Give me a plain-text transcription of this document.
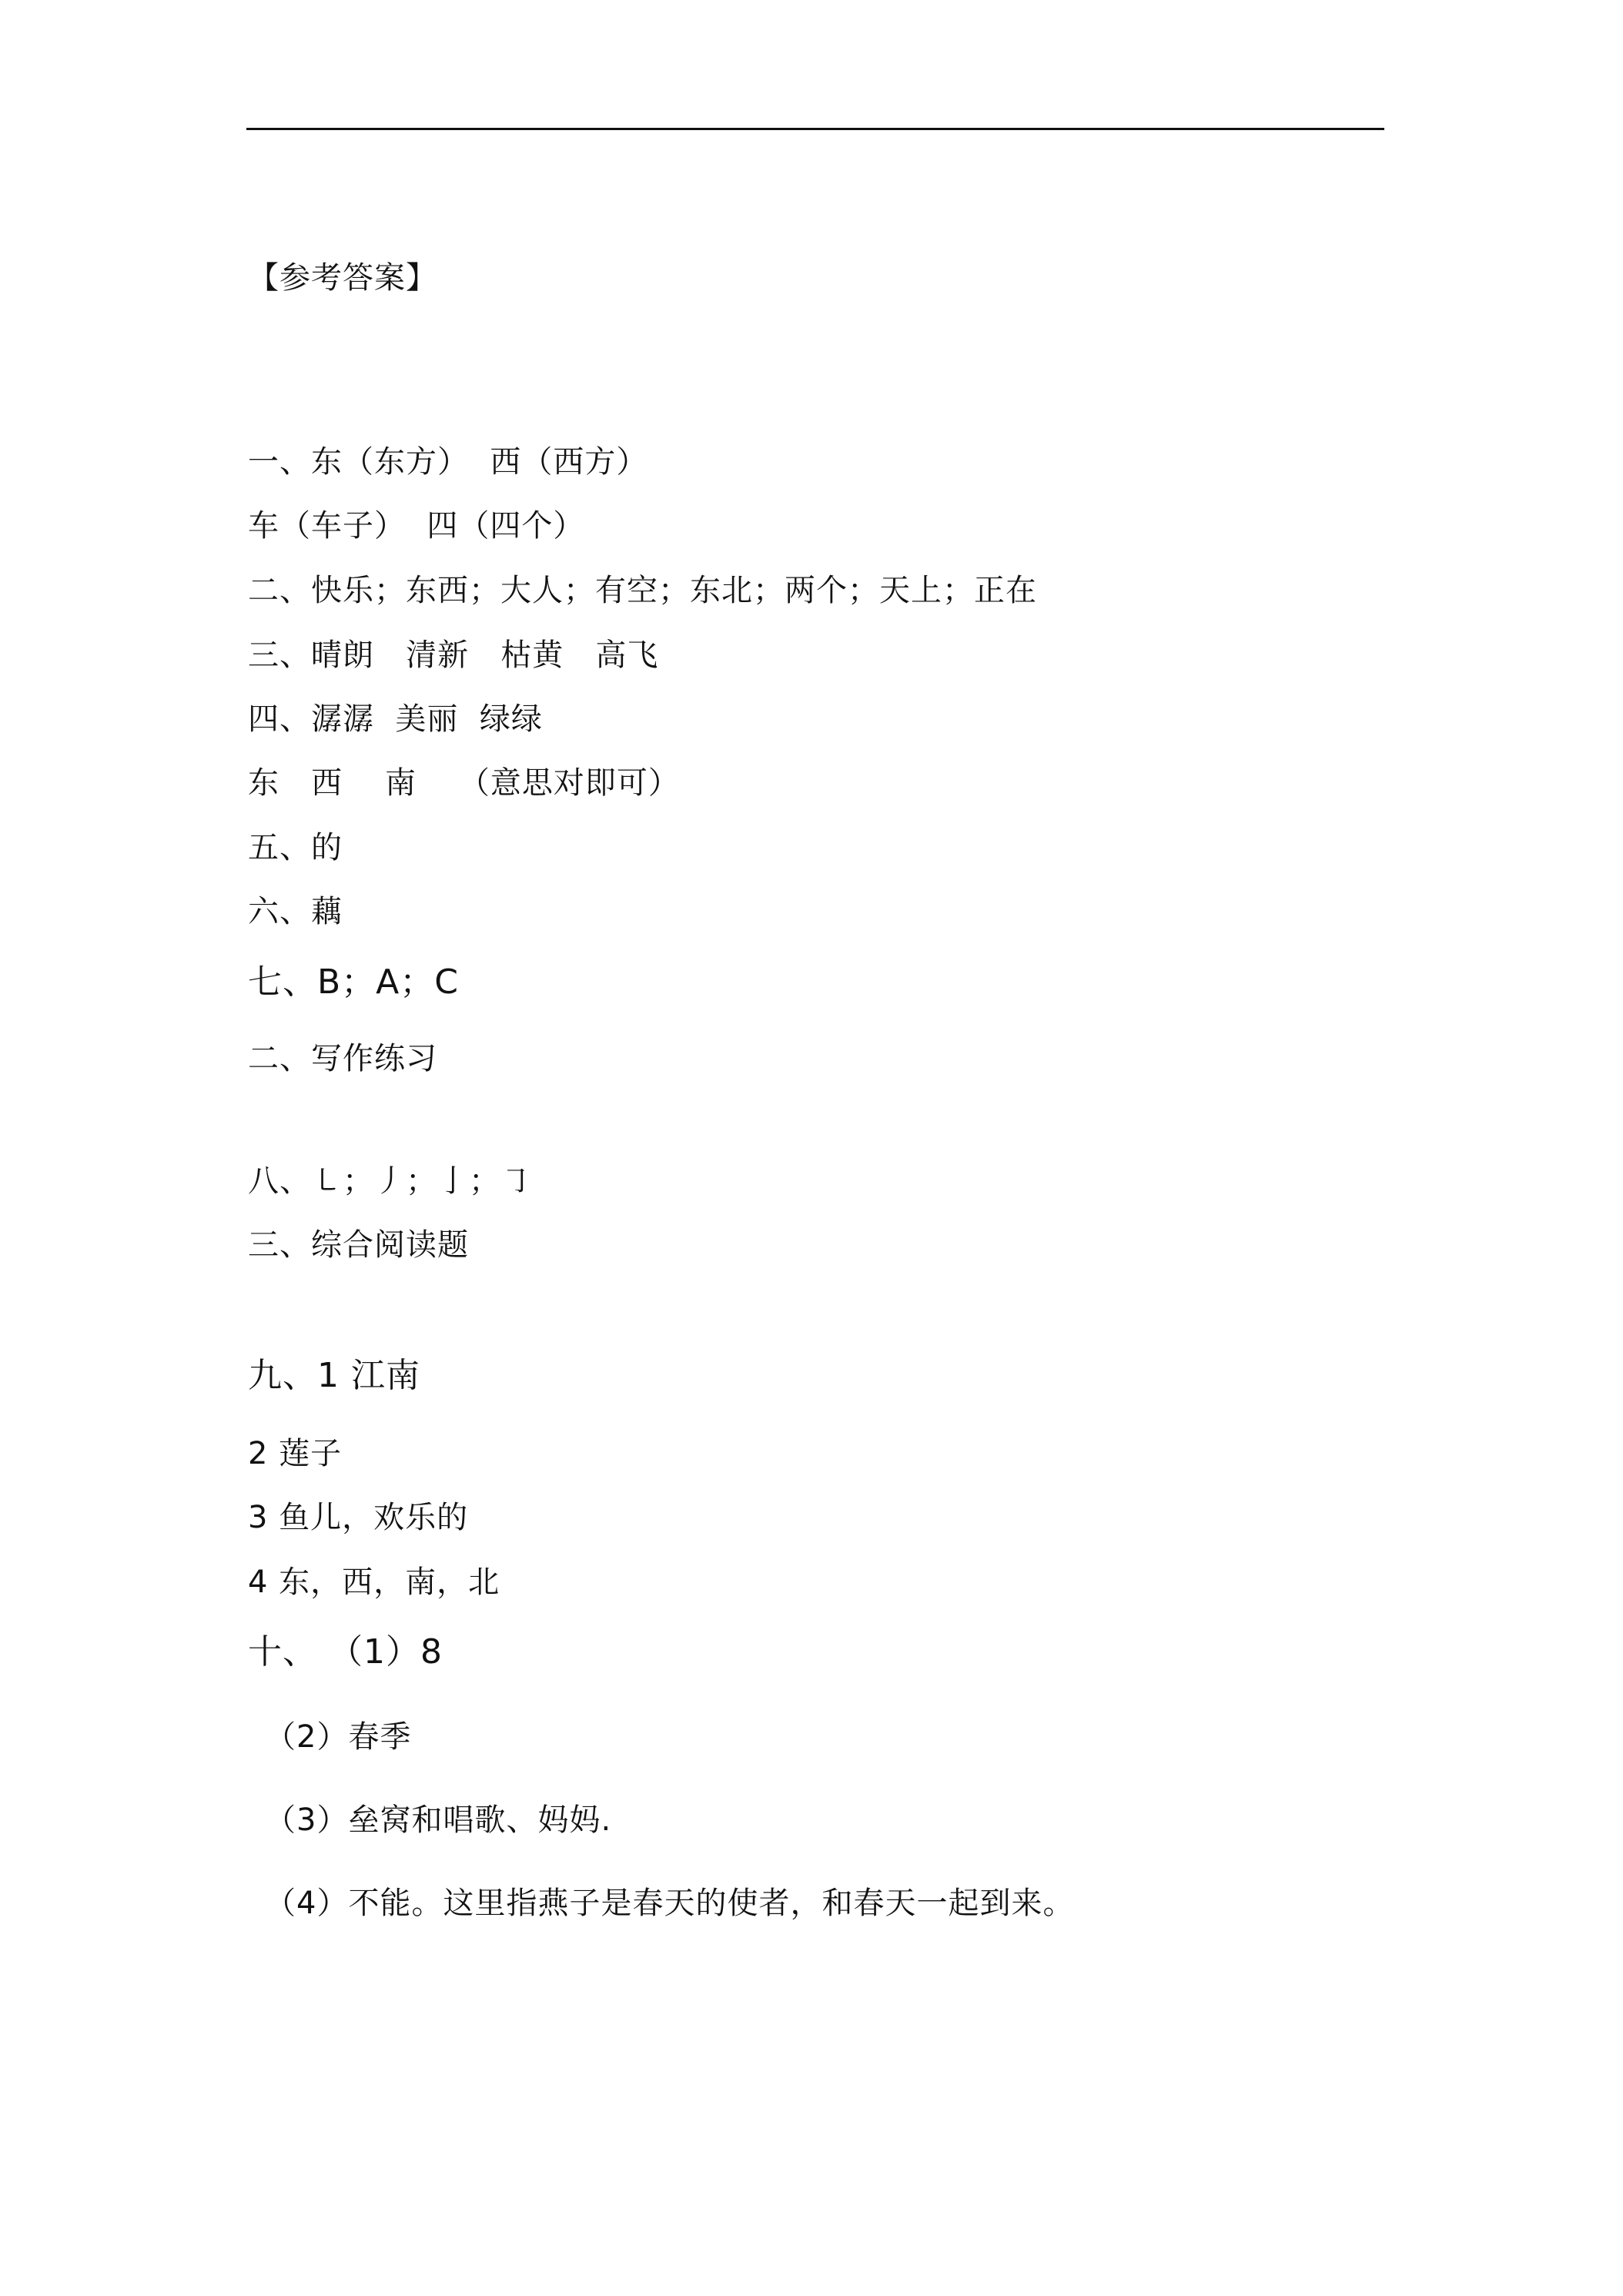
【参考答案】
一、东（东方）  西（西方）
车（车子）  四（四个）
二、快乐；东西；大人；有空；东北；两个；天上；正在
三、晴朗   清新   枯黄   高飞
四、潺潺  美丽  绿绿
东   西    南    （意思对即可）
五、的
六、藕
七、B；A；C
二、写作练习
八、㇄；丿；亅；㇆
三、综合阅读题
九、1 江南
2 莲子
3 鱼儿，欢乐的
4 东，西，南，北
十、 （1）8
（2）春季
（3）垒窝和唱歌、妈妈.
（4）不能。这里指燕子是春天的使者，和春天一起到来。
